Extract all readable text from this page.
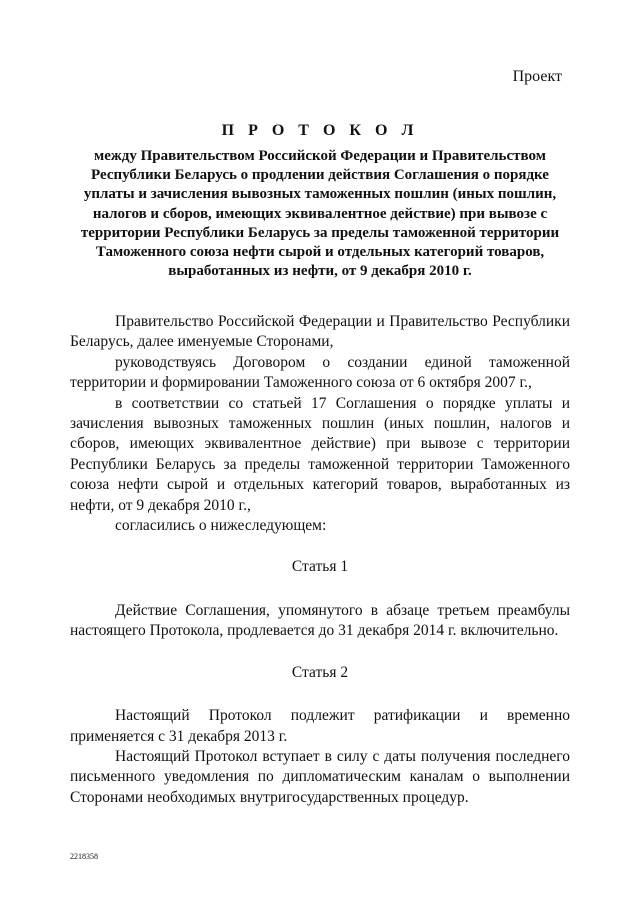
Проект
П Р О Т О К О Л
между Правительством Российской Федерации и Правительством Республики Беларусь о продлении действия Соглашения о порядке уплаты и зачисления вывозных таможенных пошлин (иных пошлин, налогов и сборов, имеющих эквивалентное действие) при вывозе с территории Республики Беларусь за пределы таможенной территории Таможенного союза нефти сырой и отдельных категорий товаров, выработанных из нефти, от 9 декабря 2010 г.

Правительство Российской Федерации и Правительство Республики Беларусь, далее именуемые Сторонами,

руководствуясь Договором о создании единой таможенной территории и формировании Таможенного союза от 6 октября 2007 г.,

в соответствии со статьей 17 Соглашения о порядке уплаты и зачисления вывозных таможенных пошлин (иных пошлин, налогов и сборов, имеющих эквивалентное действие) при вывозе с территории Республики Беларусь за пределы таможенной территории Таможенного союза нефти сырой и отдельных категорий товаров, выработанных из нефти, от 9 декабря 2010 г.,

согласились о нижеследующем:

Статья 1

Действие Соглашения, упомянутого в абзаце третьем преамбулы настоящего Протокола, продлевается до 31 декабря 2014 г. включительно.

Статья 2

Настоящий Протокол подлежит ратификации и временно применяется с 31 декабря 2013 г.

Настоящий Протокол вступает в силу с даты получения последнего письменного уведомления по дипломатическим каналам о выполнении Сторонами необходимых внутригосударственных процедур.

2218358
